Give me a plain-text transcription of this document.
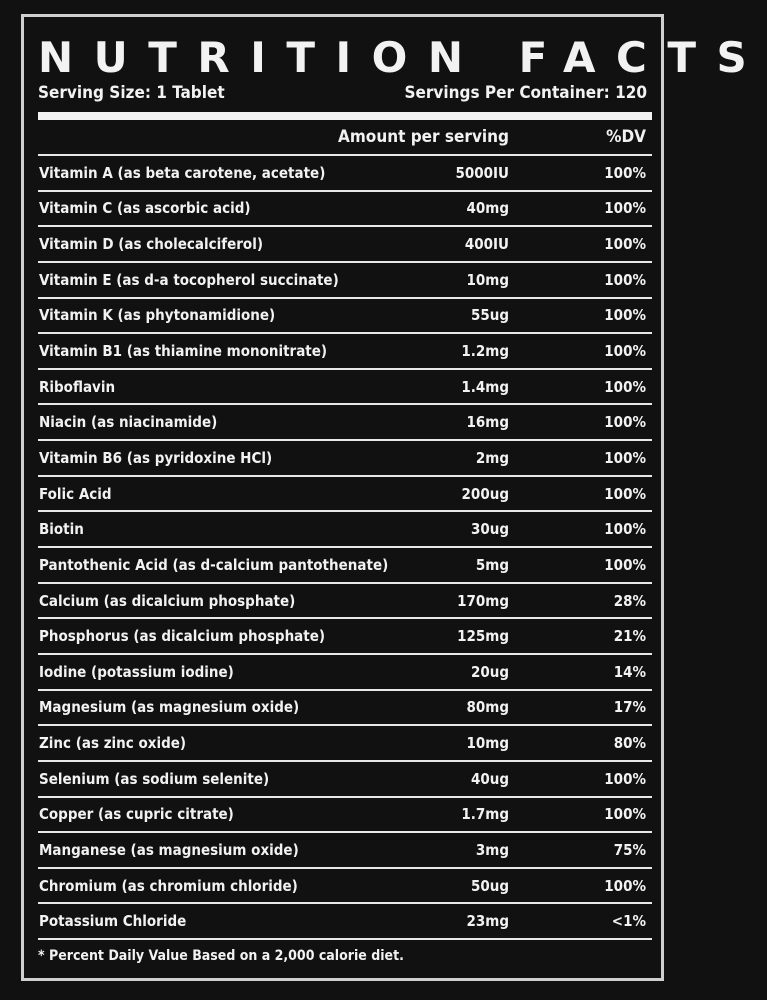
NUTRITION FACTS
Serving Size: 1 Tablet	Servings Per Container: 120
Amount per serving	%DV
Vitamin A (as beta carotene, acetate)	5000IU	100%
Vitamin C (as ascorbic acid)	40mg	100%
Vitamin D (as cholecalciferol)	400IU	100%
Vitamin E (as d-a tocopherol succinate)	10mg	100%
Vitamin K (as phytonamidione)	55ug	100%
Vitamin B1 (as thiamine mononitrate)	1.2mg	100%
Riboflavin	1.4mg	100%
Niacin (as niacinamide)	16mg	100%
Vitamin B6 (as pyridoxine HCl)	2mg	100%
Folic Acid	200ug	100%
Biotin	30ug	100%
Pantothenic Acid (as d-calcium pantothenate)	5mg	100%
Calcium (as dicalcium phosphate)	170mg	28%
Phosphorus (as dicalcium phosphate)	125mg	21%
Iodine (potassium iodine)	20ug	14%
Magnesium (as magnesium oxide)	80mg	17%
Zinc (as zinc oxide)	10mg	80%
Selenium (as sodium selenite)	40ug	100%
Copper (as cupric citrate)	1.7mg	100%
Manganese (as magnesium oxide)	3mg	75%
Chromium (as chromium chloride)	50ug	100%
Potassium Chloride	23mg	<1%
* Percent Daily Value Based on a 2,000 calorie diet.
